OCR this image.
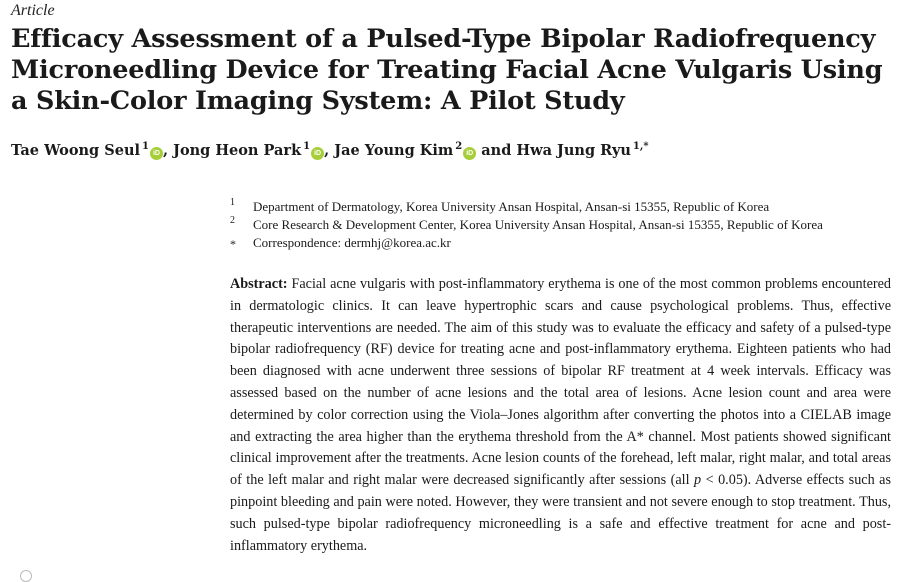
Article
Efficacy Assessment of a Pulsed-Type Bipolar Radiofrequency Microneedling Device for Treating Facial Acne Vulgaris Using a Skin-Color Imaging System: A Pilot Study
Tae Woong Seul $^1$iD , Jong Heon Park $^1$iD , Jae Young Kim $^2$iD and Hwa Jung Ryu $^{1,*}$
1 Department of Dermatology, Korea University Ansan Hospital, Ansan-si 15355, Republic of Korea
2 Core Research & Development Center, Korea University Ansan Hospital, Ansan-si 15355, Republic of Korea
* Correspondence: dermhj@korea.ac.kr

Abstract: Facial acne vulgaris with post-inflammatory erythema is one of the most common problems encountered in dermatologic clinics. It can leave hypertrophic scars and cause psychological problems. Thus, effective therapeutic interventions are needed. The aim of this study was to evaluate the efficacy and safety of a pulsed-type bipolar radiofrequency (RF) device for treating acne and post-inflammatory erythema. Eighteen patients who had been diagnosed with acne underwent three sessions of bipolar RF treatment at 4 week intervals. Efficacy was assessed based on the number of acne lesions and the total area of lesions. Acne lesion count and area were determined by color correction using the Viola–Jones algorithm after converting the photos into a CIELAB image and extracting the area higher than the erythema threshold from the A* channel. Most patients showed significant clinical improvement after the treatments. Acne lesion counts of the forehead, left malar, right malar, and total areas of the left malar and right malar were decreased significantly after sessions (all p < 0.05). Adverse effects such as pinpoint bleeding and pain were noted. However, they were transient and not severe enough to stop treatment. Thus, such pulsed-type bipolar radiofrequency microneedling is a safe and effective treatment for acne and post-inflammatory erythema.
